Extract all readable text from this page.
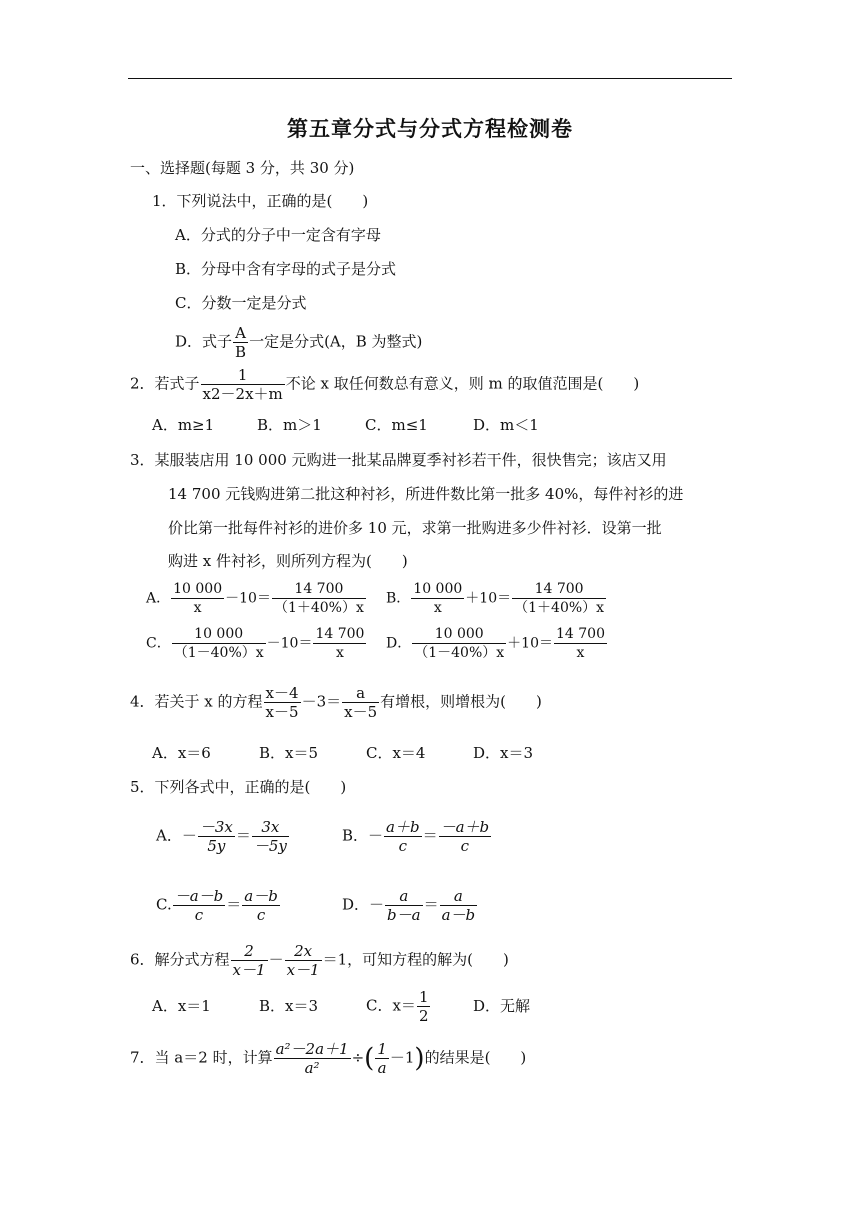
第五章分式与分式方程检测卷
一、选择题(每题 3 分，共 30 分)
1．下列说法中，正确的是(　　)
A．分式的分子中一定含有字母
B．分母中含有字母的式子是分式
C．分数一定是分式
D．式子 $\frac{A}{B}$ 一定是分式(A，B 为整式)
2．若式子 $\frac{1}{x2-2x+m}$ 不论 x 取任何数总有意义，则 m 的取值范围是(　　)
A．m≥1	B．m＞1	C．m≤1	D．m＜1
3．某服装店用 10 000 元购进一批某品牌夏季衬衫若干件，很快售完；该店又用
14 700 元钱购进第二批这种衬衫，所进件数比第一批多 40%，每件衬衫的进
价比第一批每件衬衫的进价多 10 元，求第一批购进多少件衬衫．设第一批
购进 x 件衬衫，则所列方程为(　　)
A． $\frac{10 000}{x} -10= \frac{14 700}{(1+40\%)x}$ B． $\frac{10 000}{x} +10= \frac{14 700}{(1+40\%)x}$
C． $\frac{10 000}{(1-40\%)x} -10= \frac{14 700}{x}$ D． $\frac{10 000}{(1-40\%)x} +10= \frac{14 700}{x}$
4．若关于 x 的方程 $\frac{x-4}{x-5} -3= \frac{a}{x-5}$ 有增根，则增根为(　　)
A．x＝6	B．x＝5	C．x＝4	D．x＝3
5．下列各式中，正确的是(　　)
A．－ $\frac{-3x}{5y} = \frac{3x}{-5y}$	B．－ $\frac{a+b}{c} = \frac{-a+b}{c}$
C. $\frac{-a-b}{c} = \frac{a-b}{c}$	D．－ $\frac{a}{b-a} = \frac{a}{a-b}$
6．解分式方程 $\frac{2}{x-1} - \frac{2x}{x-1} =1$，可知方程的解为(　　)
A．x＝1	B．x＝3	C．$x= \frac{1}{2}$	D．无解
7．当 a＝2 时，计算 $\frac{\text{a²－2a＋1}}{\text{a²}}$ ÷( $\frac{1}{a} -1$)的结果是(　　)
